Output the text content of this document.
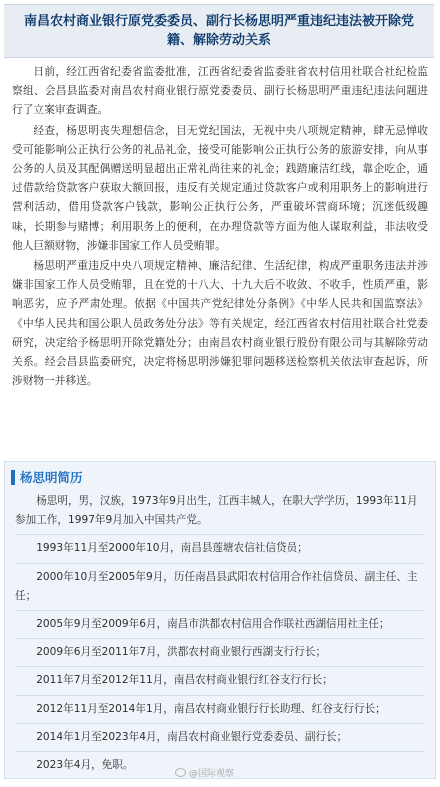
南昌农村商业银行原党委委员、副行长杨思明严重违纪违法被开除党籍、解除劳动关系

日前，经江西省纪委省监委批准，江西省纪委省监委驻省农村信用社联合社纪检监察组、会昌县监委对南昌农村商业银行原党委委员、副行长杨思明严重违纪违法问题进行了立案审查调查。

经查，杨思明丧失理想信念，目无党纪国法，无视中央八项规定精神，肆无忌惮收受可能影响公正执行公务的礼品礼金，接受可能影响公正执行公务的旅游安排，向从事公务的人员及其配偶赠送明显超出正常礼尚往来的礼金；践踏廉洁红线，靠企吃企，通过借款给贷款客户获取大额回报，违反有关规定通过贷款客户或利用职务上的影响进行营利活动，借用贷款客户钱款，影响公正执行公务，严重破坏营商环境；沉迷低级趣味，长期参与赌博；利用职务上的便利，在办理贷款等方面为他人谋取利益，非法收受他人巨额财物，涉嫌非国家工作人员受贿罪。

杨思明严重违反中央八项规定精神、廉洁纪律、生活纪律，构成严重职务违法并涉嫌非国家工作人员受贿罪，且在党的十八大、十九大后不收敛、不收手，性质严重，影响恶劣，应予严肃处理。依据《中国共产党纪律处分条例》《中华人民共和国监察法》《中华人民共和国公职人员政务处分法》等有关规定，经江西省农村信用社联合社党委研究，决定给予杨思明开除党籍处分；由南昌农村商业银行股份有限公司与其解除劳动关系。经会昌县监委研究，决定将杨思明涉嫌犯罪问题移送检察机关依法审查起诉，所涉财物一并移送。

杨思明简历

杨思明，男，汉族，1973年9月出生，江西丰城人，在职大学学历，1993年11月参加工作，1997年9月加入中国共产党。

1993年11月至2000年10月，南昌县莲塘农信社信贷员；

2000年10月至2005年9月，历任南昌县武阳农村信用合作社信贷员、副主任、主任；

2005年9月至2009年6月，南昌市洪都农村信用合作联社西湖信用社主任；

2009年6月至2011年7月，洪都农村商业银行西湖支行行长；

2011年7月至2012年11月，南昌农村商业银行红谷支行行长；

2012年11月至2014年1月，南昌农村商业银行行长助理、红谷支行行长；

2014年1月至2023年4月，南昌农村商业银行党委委员、副行长；

2023年4月，免职。

@国际观察
